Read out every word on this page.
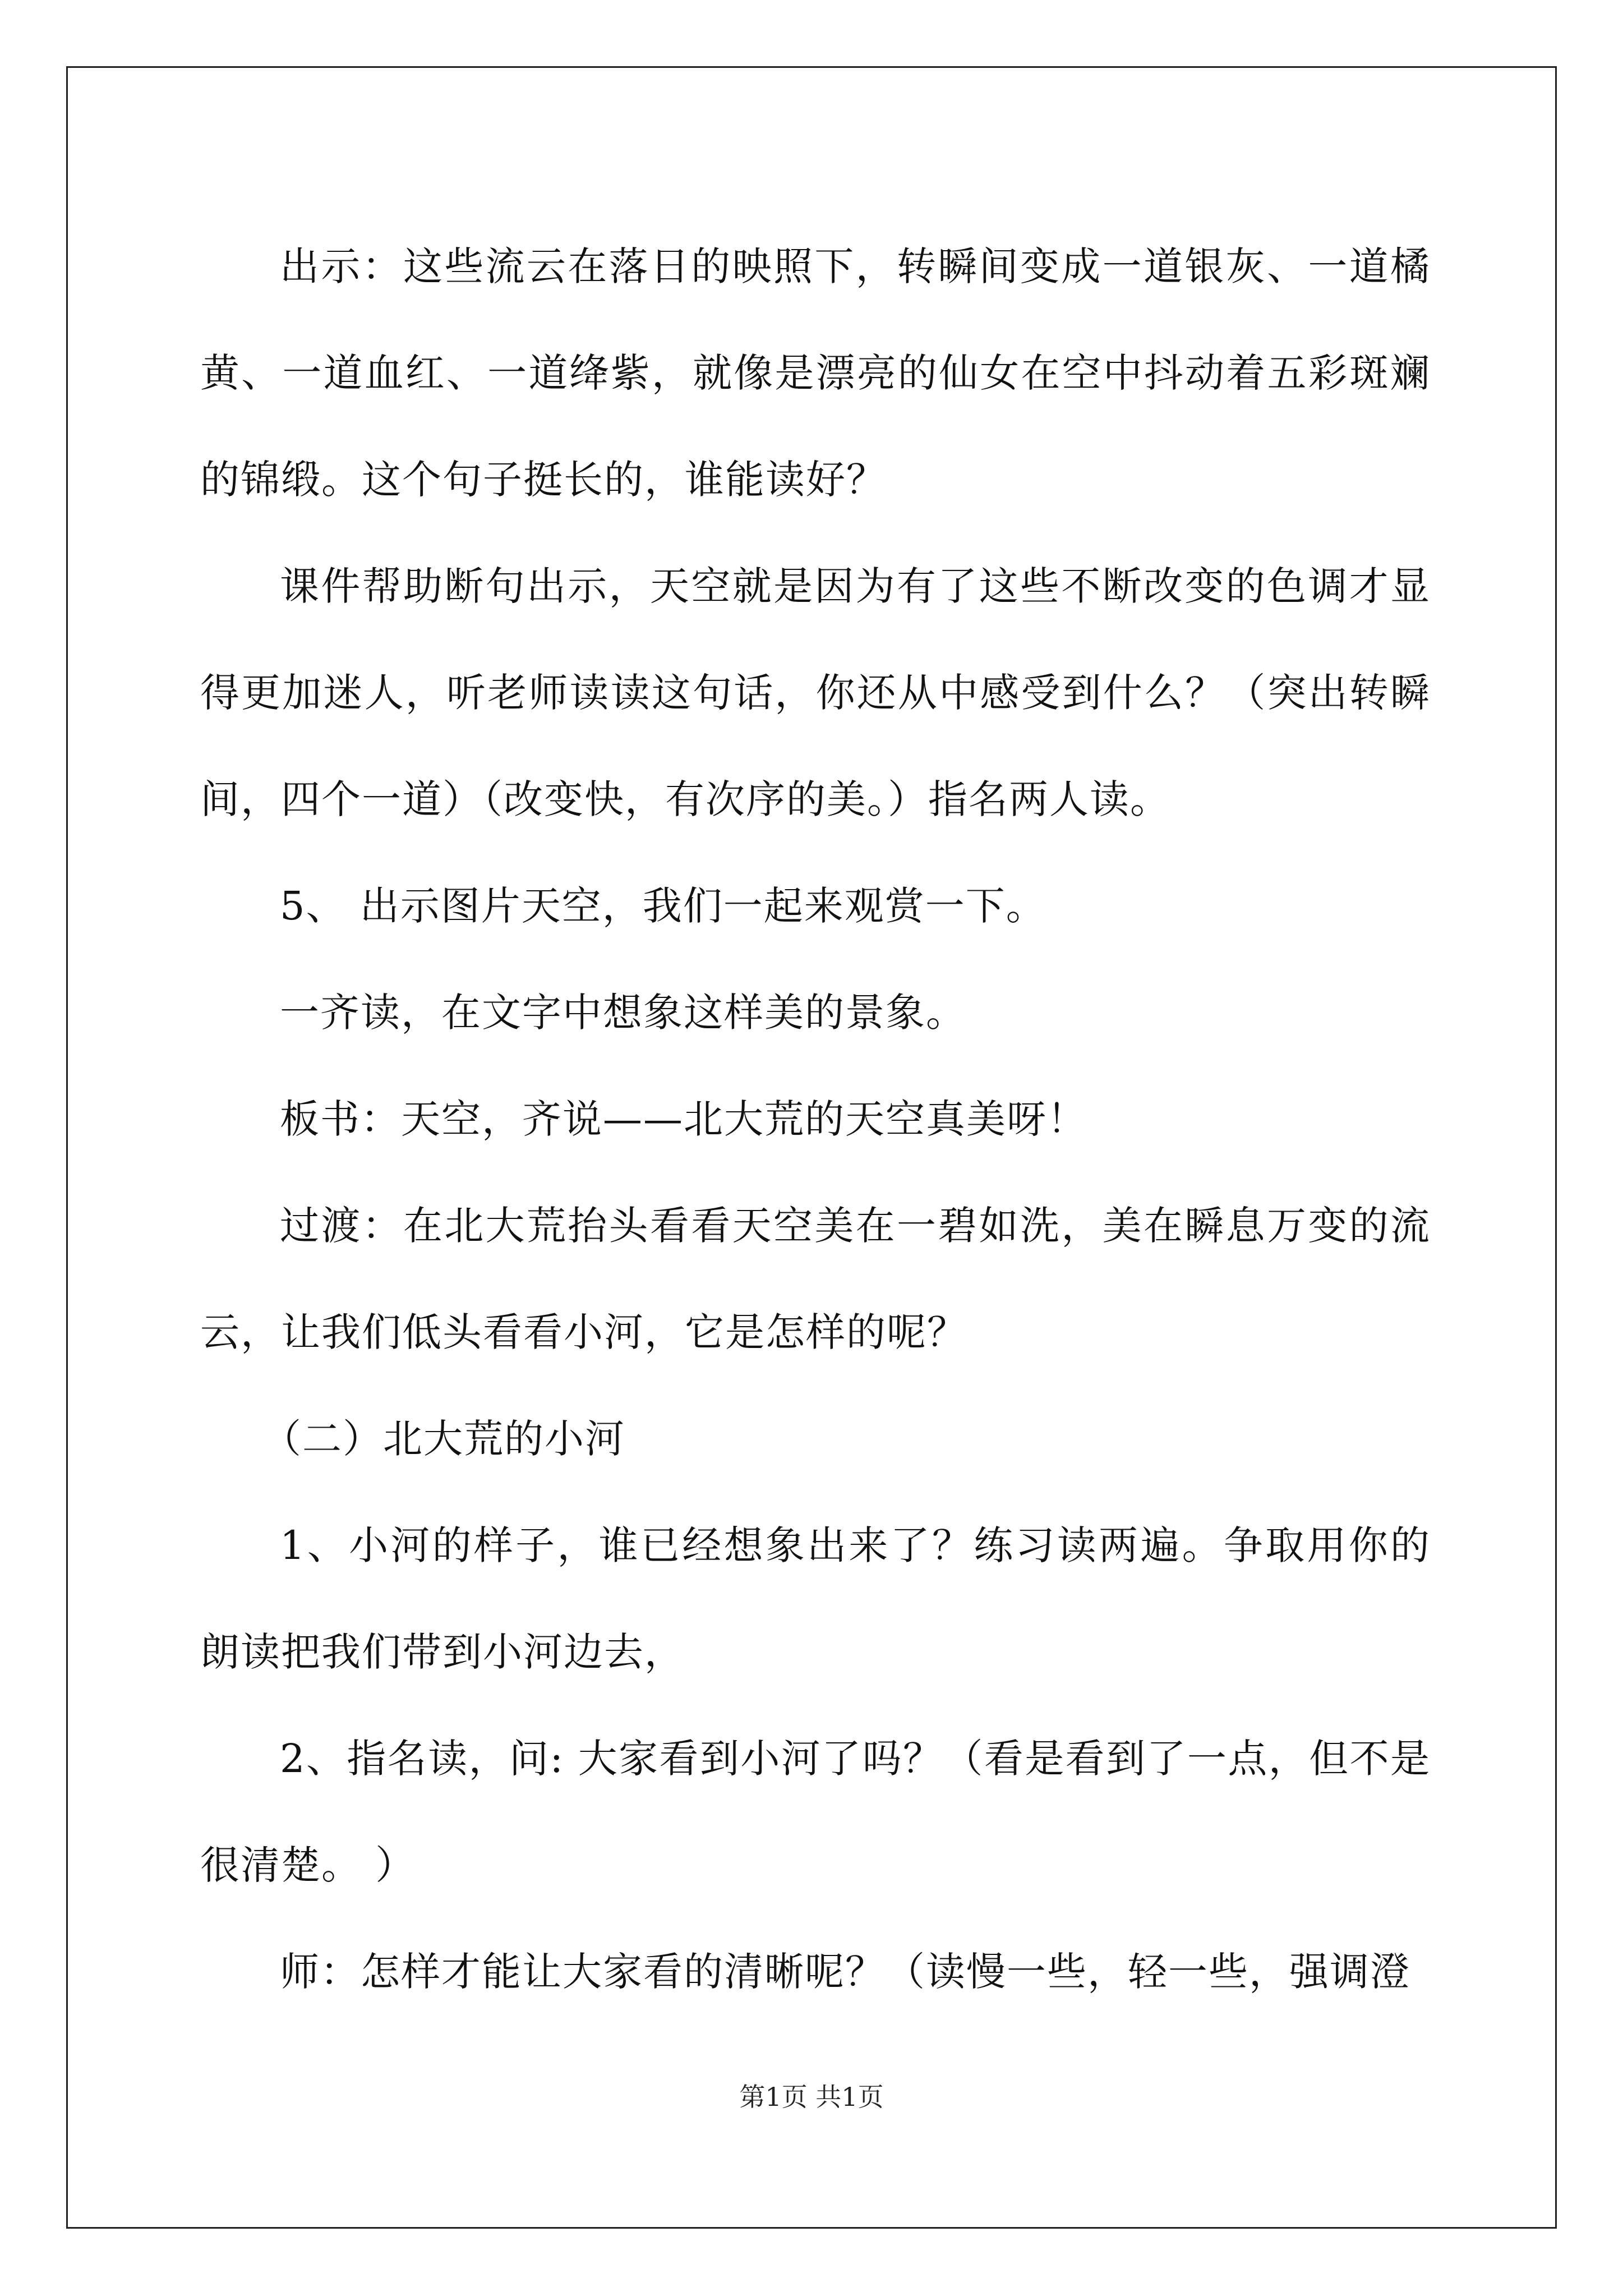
出示：这些流云在落日的映照下，转瞬间变成一道银灰、一道橘黄、一道血红、一道绛紫，就像是漂亮的仙女在空中抖动着五彩斑斓的锦缎。这个句子挺长的，谁能读好？

课件帮助断句出示，天空就是因为有了这些不断改变的色调才显得更加迷人，听老师读读这句话，你还从中感受到什么？（突出转瞬间，四个一道）（改变快，有次序的美。）指名两人读。

5、 出示图片天空，我们一起来观赏一下。

一齐读，在文字中想象这样美的景象。

板书：天空，齐说——北大荒的天空真美呀！

过渡：在北大荒抬头看看天空美在一碧如洗，美在瞬息万变的流云，让我们低头看看小河，它是怎样的呢？

（二）北大荒的小河

1、小河的样子，谁已经想象出来了？练习读两遍。争取用你的朗读把我们带到小河边去，

2、指名读，问: 大家看到小河了吗？（看是看到了一点，但不是很清楚。 ）

师：怎样才能让大家看的清晰呢？（读慢一些，轻一些，强调澄

第1页 共1页
